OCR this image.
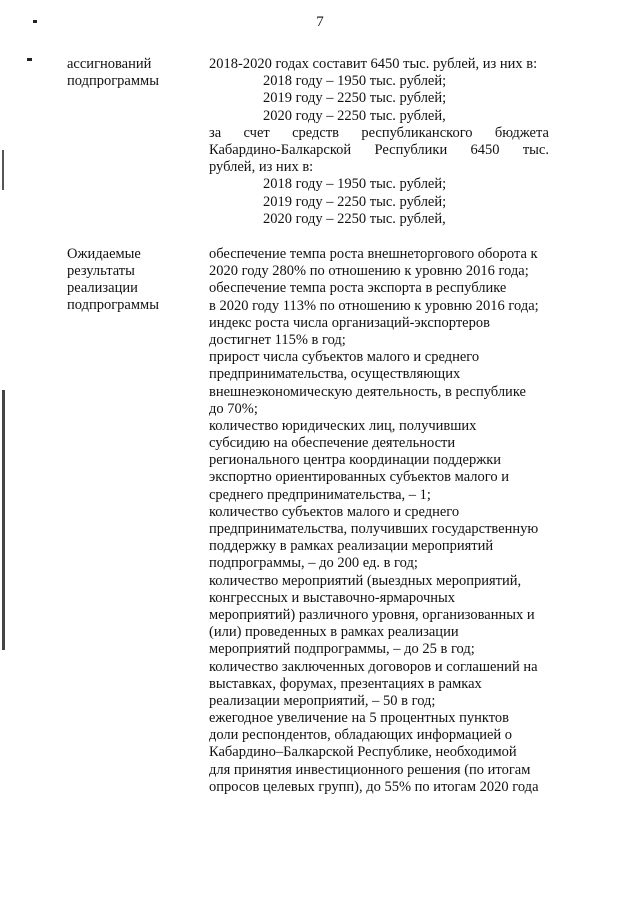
7
ассигнований
подпрограммы
2018-2020 годах составит 6450 тыс. рублей, из них в:
2018 году – 1950 тыс. рублей;
2019 году – 2250 тыс. рублей;
2020 году – 2250 тыс. рублей,
за счет средств республиканского бюджета
Кабардино-Балкарской Республики 6450 тыс.
рублей, из них в:
2018 году – 1950 тыс. рублей;
2019 году – 2250 тыс. рублей;
2020 году – 2250 тыс. рублей,
Ожидаемые
результаты
реализации
подпрограммы
обеспечение темпа роста внешнеторгового оборота к
2020 году 280% по отношению к уровню 2016 года;
обеспечение темпа роста экспорта в республике
в 2020 году 113% по отношению к уровню 2016 года;
индекс роста числа организаций-экспортеров
достигнет 115% в год;
прирост числа субъектов малого и среднего
предпринимательства, осуществляющих
внешнеэкономическую деятельность, в республике
до 70%;
количество юридических лиц, получивших
субсидию на обеспечение деятельности
регионального центра координации поддержки
экспортно ориентированных субъектов малого и
среднего предпринимательства, – 1;
количество субъектов малого и среднего
предпринимательства, получивших государственную
поддержку в рамках реализации мероприятий
подпрограммы, – до 200 ед. в год;
количество мероприятий (выездных мероприятий,
конгрессных и выставочно-ярмарочных
мероприятий) различного уровня, организованных и
(или) проведенных в рамках реализации
мероприятий подпрограммы, – до 25 в год;
количество заключенных договоров и соглашений на
выставках, форумах, презентациях в рамках
реализации мероприятий, – 50 в год;
ежегодное увеличение на 5 процентных пунктов
доли респондентов, обладающих информацией о
Кабардино–Балкарской Республике, необходимой
для принятия инвестиционного решения (по итогам
опросов целевых групп), до 55% по итогам 2020 года
